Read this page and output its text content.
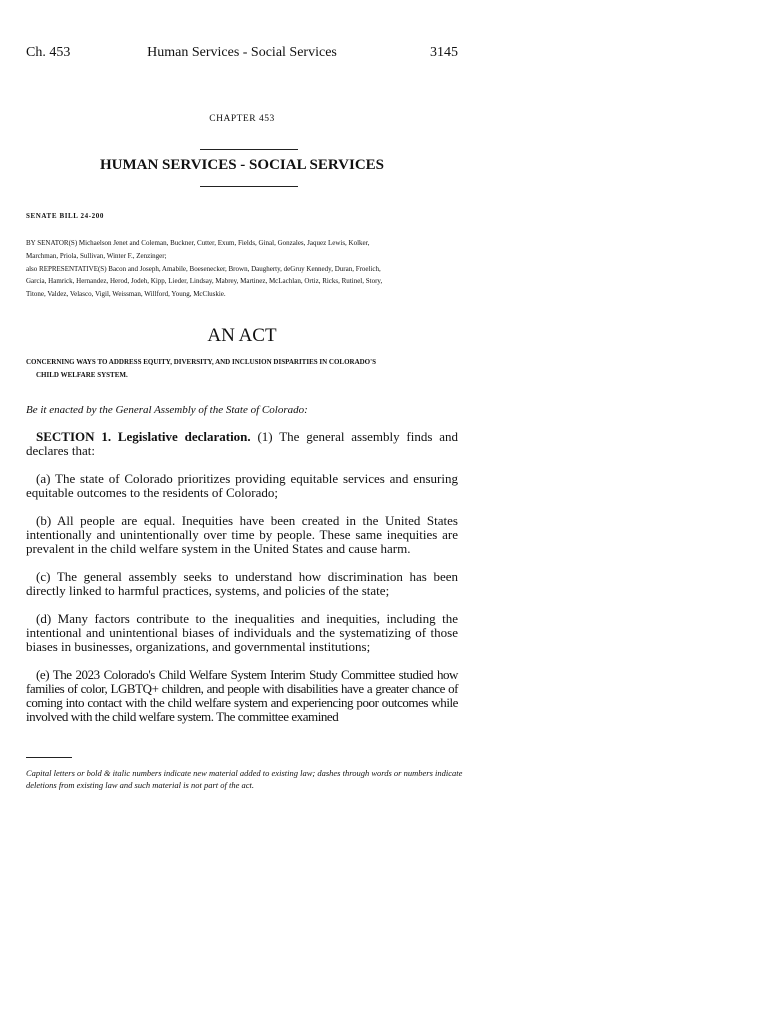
Ch. 453	Human Services - Social Services	3145
CHAPTER 453
HUMAN SERVICES - SOCIAL SERVICES
SENATE BILL 24-200
BY SENATOR(S) Michaelson Jenet and Coleman, Buckner, Cutter, Exum, Fields, Ginal, Gonzales, Jaquez Lewis, Kolker,
Marchman, Priola, Sullivan, Winter F., Zenzinger;
also REPRESENTATIVE(S) Bacon and Joseph, Amabile, Boesenecker, Brown, Daugherty, deGruy Kennedy, Duran, Froelich,
Garcia, Hamrick, Hernandez, Herod, Jodeh, Kipp, Lieder, Lindsay, Mabrey, Martinez, McLachlan, Ortiz, Ricks, Rutinel, Story,
Titone, Valdez, Velasco, Vigil, Weissman, Willford, Young, McCluskie.
AN ACT
CONCERNING WAYS TO ADDRESS EQUITY, DIVERSITY, AND INCLUSION DISPARITIES IN COLORADO'S
CHILD WELFARE SYSTEM.
Be it enacted by the General Assembly of the State of Colorado:
SECTION 1. Legislative declaration. (1) The general assembly finds and declares that:
(a) The state of Colorado prioritizes providing equitable services and ensuring equitable outcomes to the residents of Colorado;
(b) All people are equal. Inequities have been created in the United States intentionally and unintentionally over time by people. These same inequities are prevalent in the child welfare system in the United States and cause harm.
(c) The general assembly seeks to understand how discrimination has been directly linked to harmful practices, systems, and policies of the state;
(d) Many factors contribute to the inequalities and inequities, including the intentional and unintentional biases of individuals and the systematizing of those biases in businesses, organizations, and governmental institutions;
(e) The 2023 Colorado's Child Welfare System Interim Study Committee studied how families of color, LGBTQ+ children, and people with disabilities have a greater chance of coming into contact with the child welfare system and experiencing poor outcomes while involved with the child welfare system. The committee examined
Capital letters or bold & italic numbers indicate new material added to existing law; dashes through words or numbers indicate deletions from existing law and such material is not part of the act.
